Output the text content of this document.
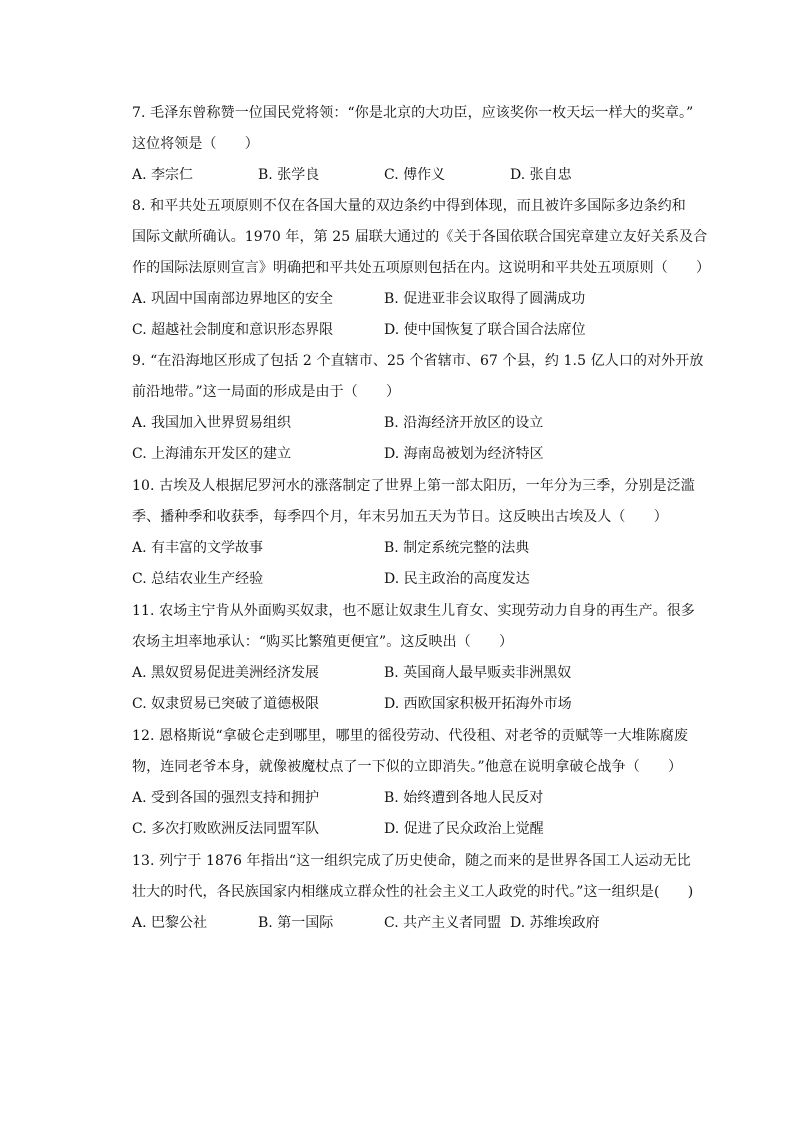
7. 毛泽东曾称赞一位国民党将领：“你是北京的大功臣，应该奖你一枚天坛一样大的奖章。”
这位将领是（　　）
A. 李宗仁	B. 张学良	C. 傅作义	D. 张自忠
8. 和平共处五项原则不仅在各国大量的双边条约中得到体现，而且被许多国际多边条约和
国际文献所确认。1970 年，第 25 届联大通过的《关于各国依联合国宪章建立友好关系及合
作的国际法原则宣言》明确把和平共处五项原则包括在内。这说明和平共处五项原则（　　）
A. 巩固中国南部边界地区的安全	B. 促进亚非会议取得了圆满成功
C. 超越社会制度和意识形态界限	D. 使中国恢复了联合国合法席位
9. “在沿海地区形成了包括 2 个直辖市、25 个省辖市、67 个县，约 1.5 亿人口的对外开放
前沿地带。”这一局面的形成是由于（　　）
A. 我国加入世界贸易组织	B. 沿海经济开放区的设立
C. 上海浦东开发区的建立	D. 海南岛被划为经济特区
10. 古埃及人根据尼罗河水的涨落制定了世界上第一部太阳历，一年分为三季，分别是泛滥
季、播种季和收获季，每季四个月，年末另加五天为节日。这反映出古埃及人（　　）
A. 有丰富的文学故事	B. 制定系统完整的法典
C. 总结农业生产经验	D. 民主政治的高度发达
11. 农场主宁肯从外面购买奴隶，也不愿让奴隶生儿育女、实现劳动力自身的再生产。很多
农场主坦率地承认：“购买比繁殖更便宜”。这反映出（　　）
A. 黑奴贸易促进美洲经济发展	B. 英国商人最早贩卖非洲黑奴
C. 奴隶贸易已突破了道德极限	D. 西欧国家积极开拓海外市场
12. 恩格斯说“拿破仑走到哪里，哪里的徭役劳动、代役租、对老爷的贡赋等一大堆陈腐废
物，连同老爷本身，就像被魔杖点了一下似的立即消失。”他意在说明拿破仑战争（　　）
A. 受到各国的强烈支持和拥护	B. 始终遭到各地人民反对
C. 多次打败欧洲反法同盟军队	D. 促进了民众政治上觉醒
13. 列宁于 1876 年指出“这一组织完成了历史使命，随之而来的是世界各国工人运动无比
壮大的时代，各民族国家内相继成立群众性的社会主义工人政党的时代。”这一组织是(　　)
A. 巴黎公社	B. 第一国际	C. 共产主义者同盟 D. 苏维埃政府
